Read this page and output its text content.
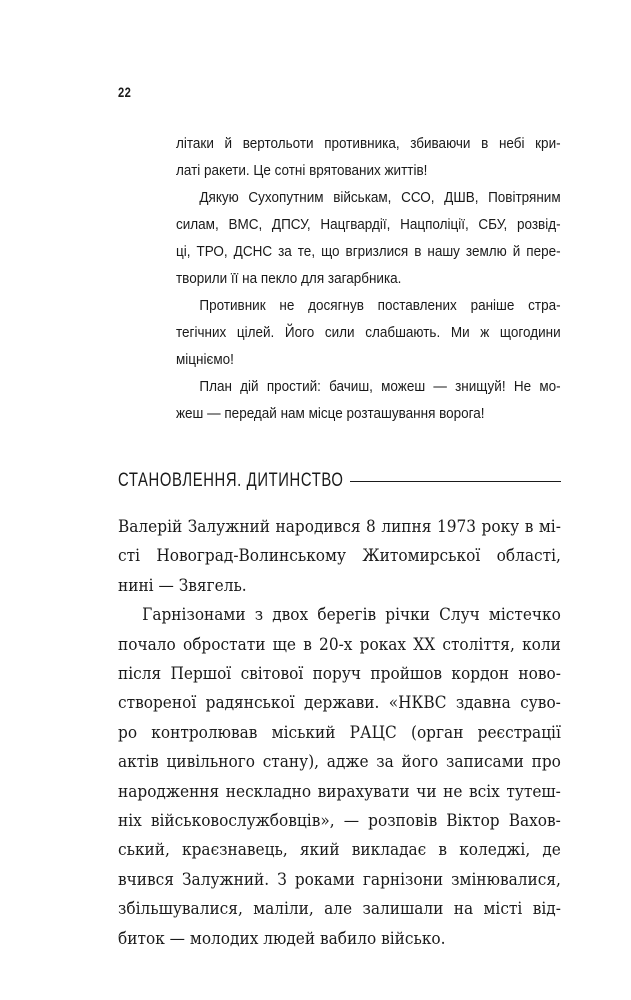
22
літаки й вертольоти противника, збиваючи в небі кри-
латі ракети. Це сотні врятованих життів!
Дякую Сухопутним військам, ССО, ДШВ, Повітряним
силам, ВМС, ДПСУ, Нацгвардії, Нацполіції, СБУ, розвід-
ці, ТРО, ДСНС за те, що вгризлися в нашу землю й пере-
творили її на пекло для загарбника.
Противник не досягнув поставлених раніше стра-
тегічних цілей. Його сили слабшають. Ми ж щогодини
міцніємо!
План дій простий: бачиш, можеш — знищуй! Не мо-
жеш — передай нам місце розташування ворога!
СТАНОВЛЕННЯ. ДИТИНСТВО
Валерій Залужний народився 8 липня 1973 року в мі-
сті Новоград-Волинському Житомирської області,
нині — Звягель.
Гарнізонами з двох берегів річки Случ містечко
почало обростати ще в 20-х роках XX століття, коли
після Першої світової поруч пройшов кордон ново-
створеної радянської держави. «НКВС здавна суво-
ро контролював міський РАЦС (орган реєстрації
актів цивільного стану), адже за його записами про
народження нескладно вирахувати чи не всіх тутеш-
ніх військовослужбовців», — розповів Віктор Вахов-
ський, краєзнавець, який викладає в коледжі, де
вчився Залужний. З роками гарнізони змінювалися,
збільшувалися, маліли, але залишали на місті від-
биток — молодих людей вабило військо.
